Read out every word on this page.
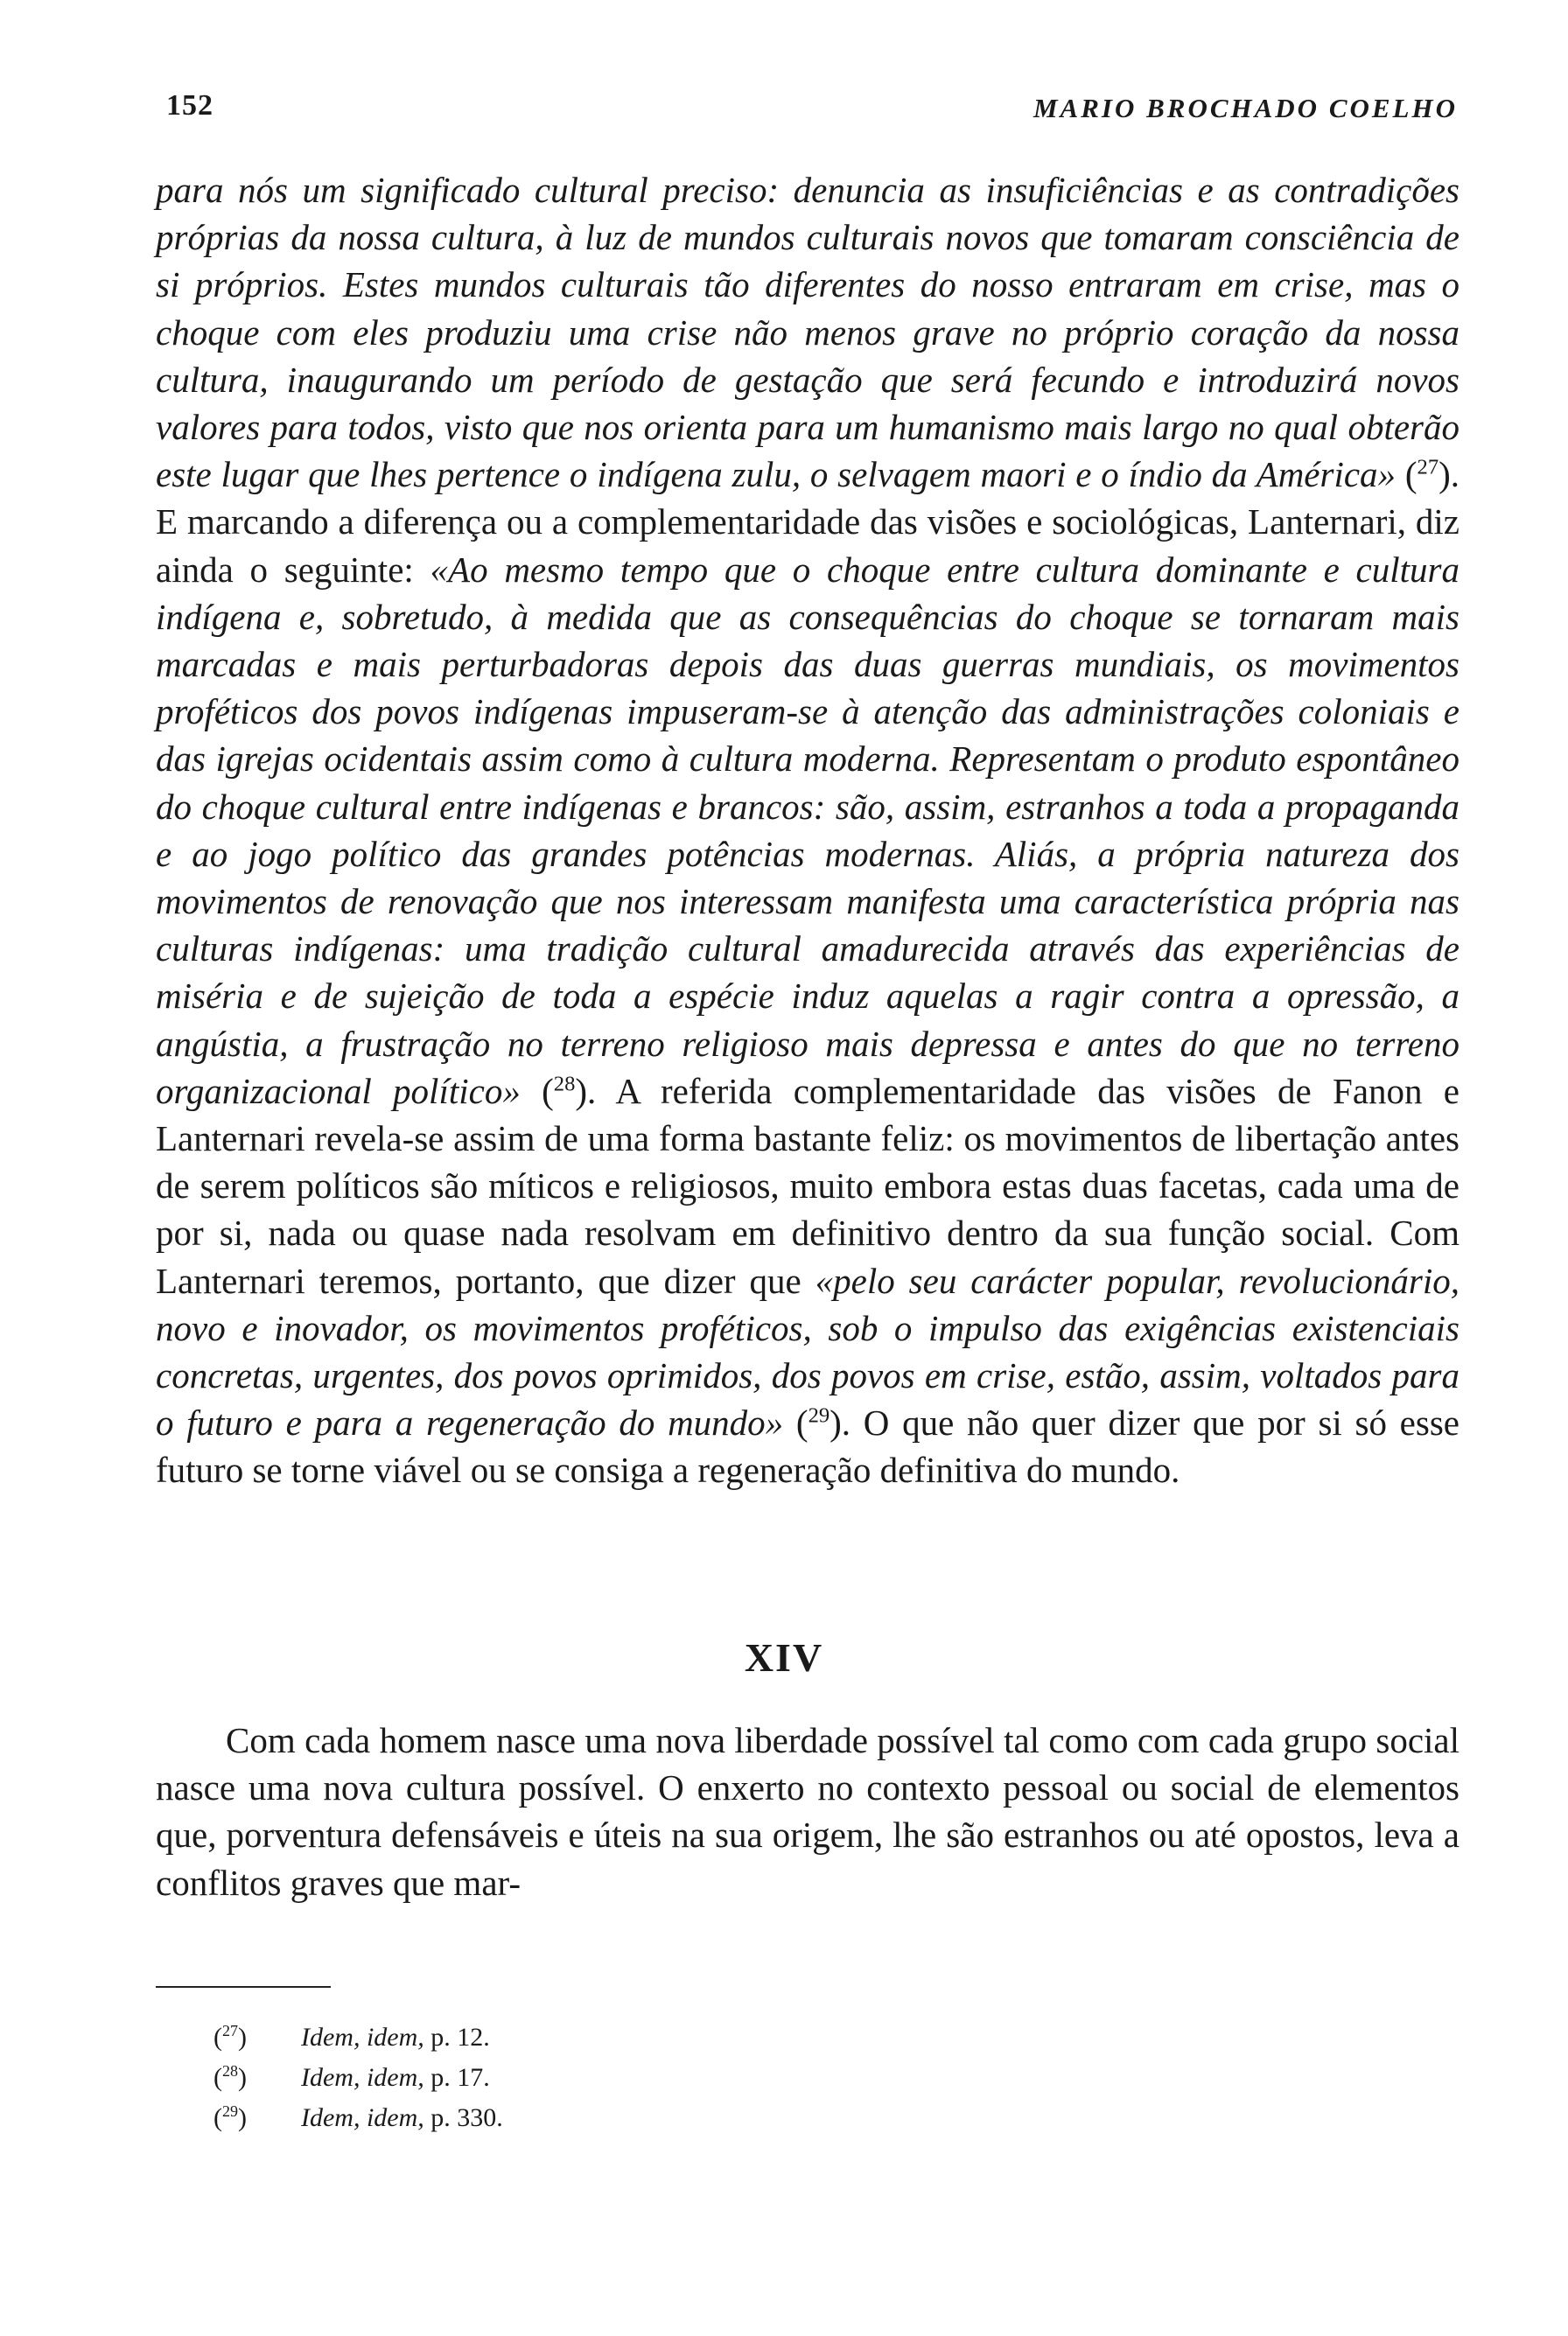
152	MARIO BROCHADO COELHO

para nós um significado cultural preciso: denuncia as insuficiências e as contradições próprias da nossa cultura, à luz de mundos culturais novos que tomaram consciência de si próprios. Estes mundos culturais tão diferentes do nosso entraram em crise, mas o choque com eles produziu uma crise não menos grave no próprio coração da nossa cultura, inaugurando um período de gestação que será fecundo e introduzirá novos valores para todos, visto que nos orienta para um humanismo mais largo no qual obterão este lugar que lhes pertence o indígena zulu, o selvagem maori e o índio da América» ($^{27}$). E marcando a diferença ou a complementaridade das visões e sociológicas, Lanternari, diz ainda o seguinte: «Ao mesmo tempo que o choque entre cultura dominante e cultura indígena e, sobretudo, à medida que as consequências do choque se tornaram mais marcadas e mais perturbadoras depois das duas guerras mundiais, os movimentos proféticos dos povos indígenas impuseram-se à atenção das administrações coloniais e das igrejas ocidentais assim como à cultura moderna. Representam o produto espontâneo do choque cultural entre indígenas e brancos: são, assim, estranhos a toda a propaganda e ao jogo político das grandes potências modernas. Aliás, a própria natureza dos movimentos de renovação que nos interessam manifesta uma característica própria nas culturas indígenas: uma tradição cultural amadurecida através das experiências de miséria e de sujeição de toda a espécie induz aquelas a ragir contra a opressão, a angústia, a frustração no terreno religioso mais depressa e antes do que no terreno organizacional político» ($^{28}$). A referida complementaridade das visões de Fanon e Lanternari revela-se assim de uma forma bastante feliz: os movimentos de libertação antes de serem políticos são míticos e religiosos, muito embora estas duas facetas, cada uma de por si, nada ou quase nada resolvam em definitivo dentro da sua função social. Com Lanternari teremos, portanto, que dizer que «pelo seu carácter popular, revolucionário, novo e inovador, os movimentos proféticos, sob o impulso das exigências existenciais concretas, urgentes, dos povos oprimidos, dos povos em crise, estão, assim, voltados para o futuro e para a regeneração do mundo» ($^{29}$). O que não quer dizer que por si só esse futuro se torne viável ou se consiga a regeneração definitiva do mundo.

XIV

Com cada homem nasce uma nova liberdade possível tal como com cada grupo social nasce uma nova cultura possível. O enxerto no contexto pessoal ou social de elementos que, porventura defensáveis e úteis na sua origem, lhe são estranhos ou até opostos, leva a conflitos graves que mar-

($^{27}$) Idem, idem, p. 12.
($^{28}$) Idem, idem, p. 17.
($^{29}$) Idem, idem, p. 330.
